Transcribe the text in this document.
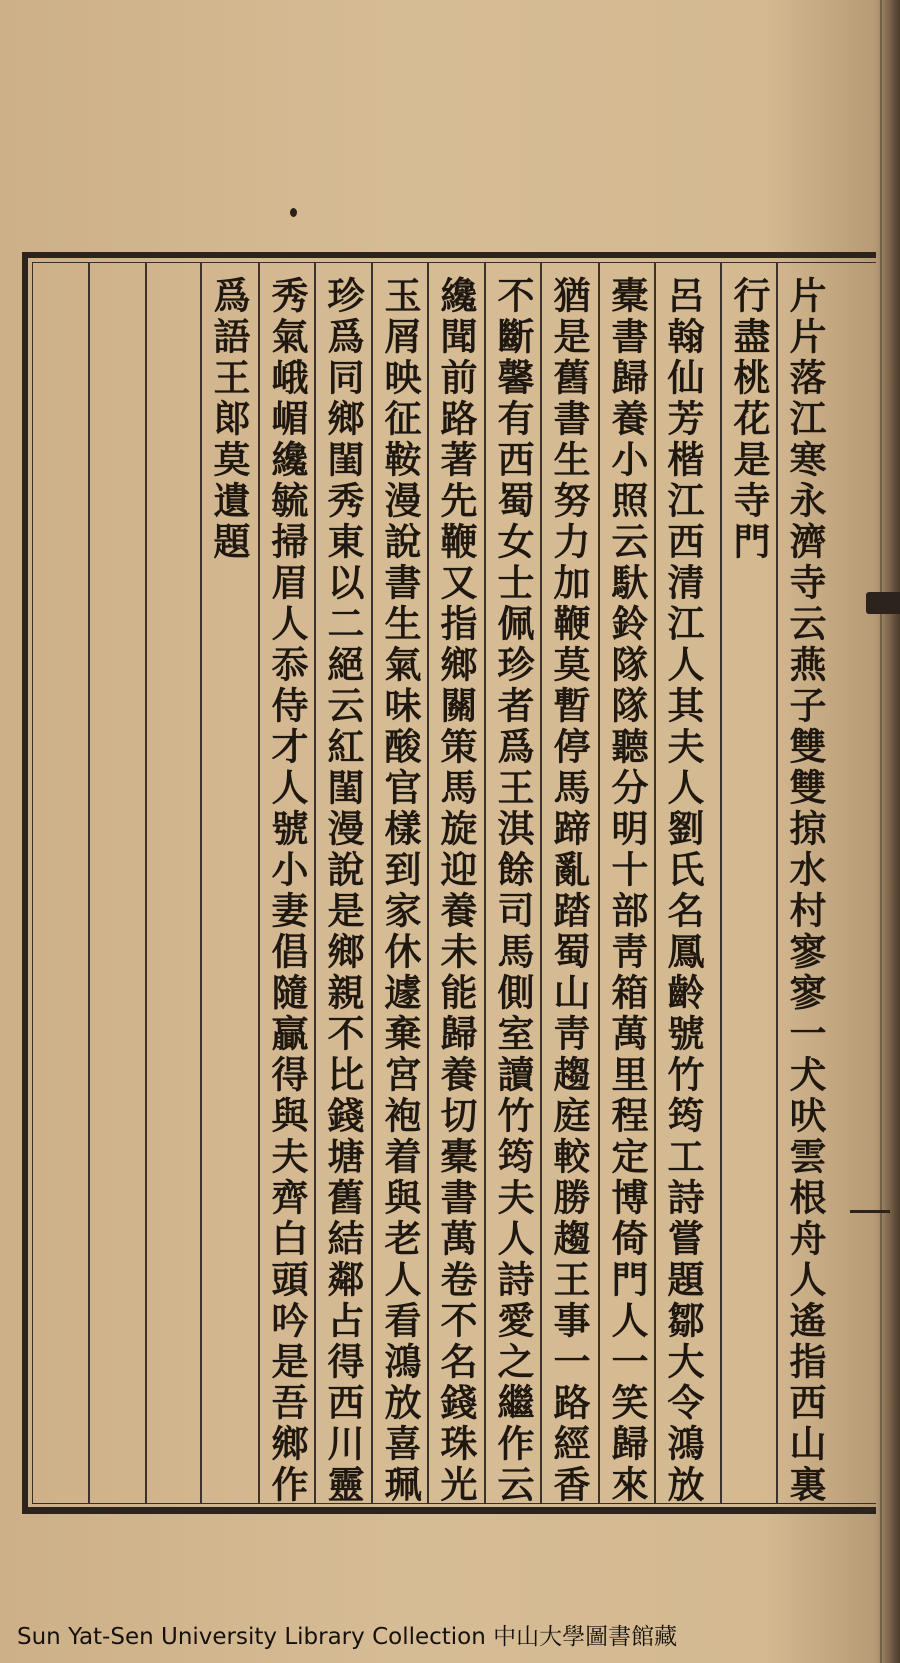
片片落江寒永濟寺云燕子雙雙掠水村寥寥一犬吠雲根舟人遙指西山裏
行盡桃花是寺門
呂翰仙芳楷江西清江人其夫人劉氏名鳳齡號竹筠工詩嘗題鄒大令鴻放
橐書歸養小照云馱鈴隊隊聽分明十部靑箱萬里程定博倚門人一笑歸來
猶是舊書生努力加鞭莫暫停馬蹄亂踏蜀山靑趨庭較勝趨王事一路經香
不斷馨有西蜀女士佩珍者爲王淇餘司馬側室讀竹筠夫人詩愛之繼作云
纔聞前路著先鞭又指鄉關策馬旋迎養未能歸養切橐書萬卷不名錢珠光
玉屑映征鞍漫說書生氣味酸官樣到家休遽棄宮袍着與老人看鴻放喜珮
珍爲同鄉閨秀東以二絕云紅閨漫說是鄉親不比錢塘舊結鄰占得西川靈
秀氣峨嵋纔毓掃眉人忝侍才人號小妻倡隨贏得與夫齊白頭吟是吾鄉作
爲語王郞莫遺題
Sun Yat-Sen University Library Collection 中山大學圖書館藏
